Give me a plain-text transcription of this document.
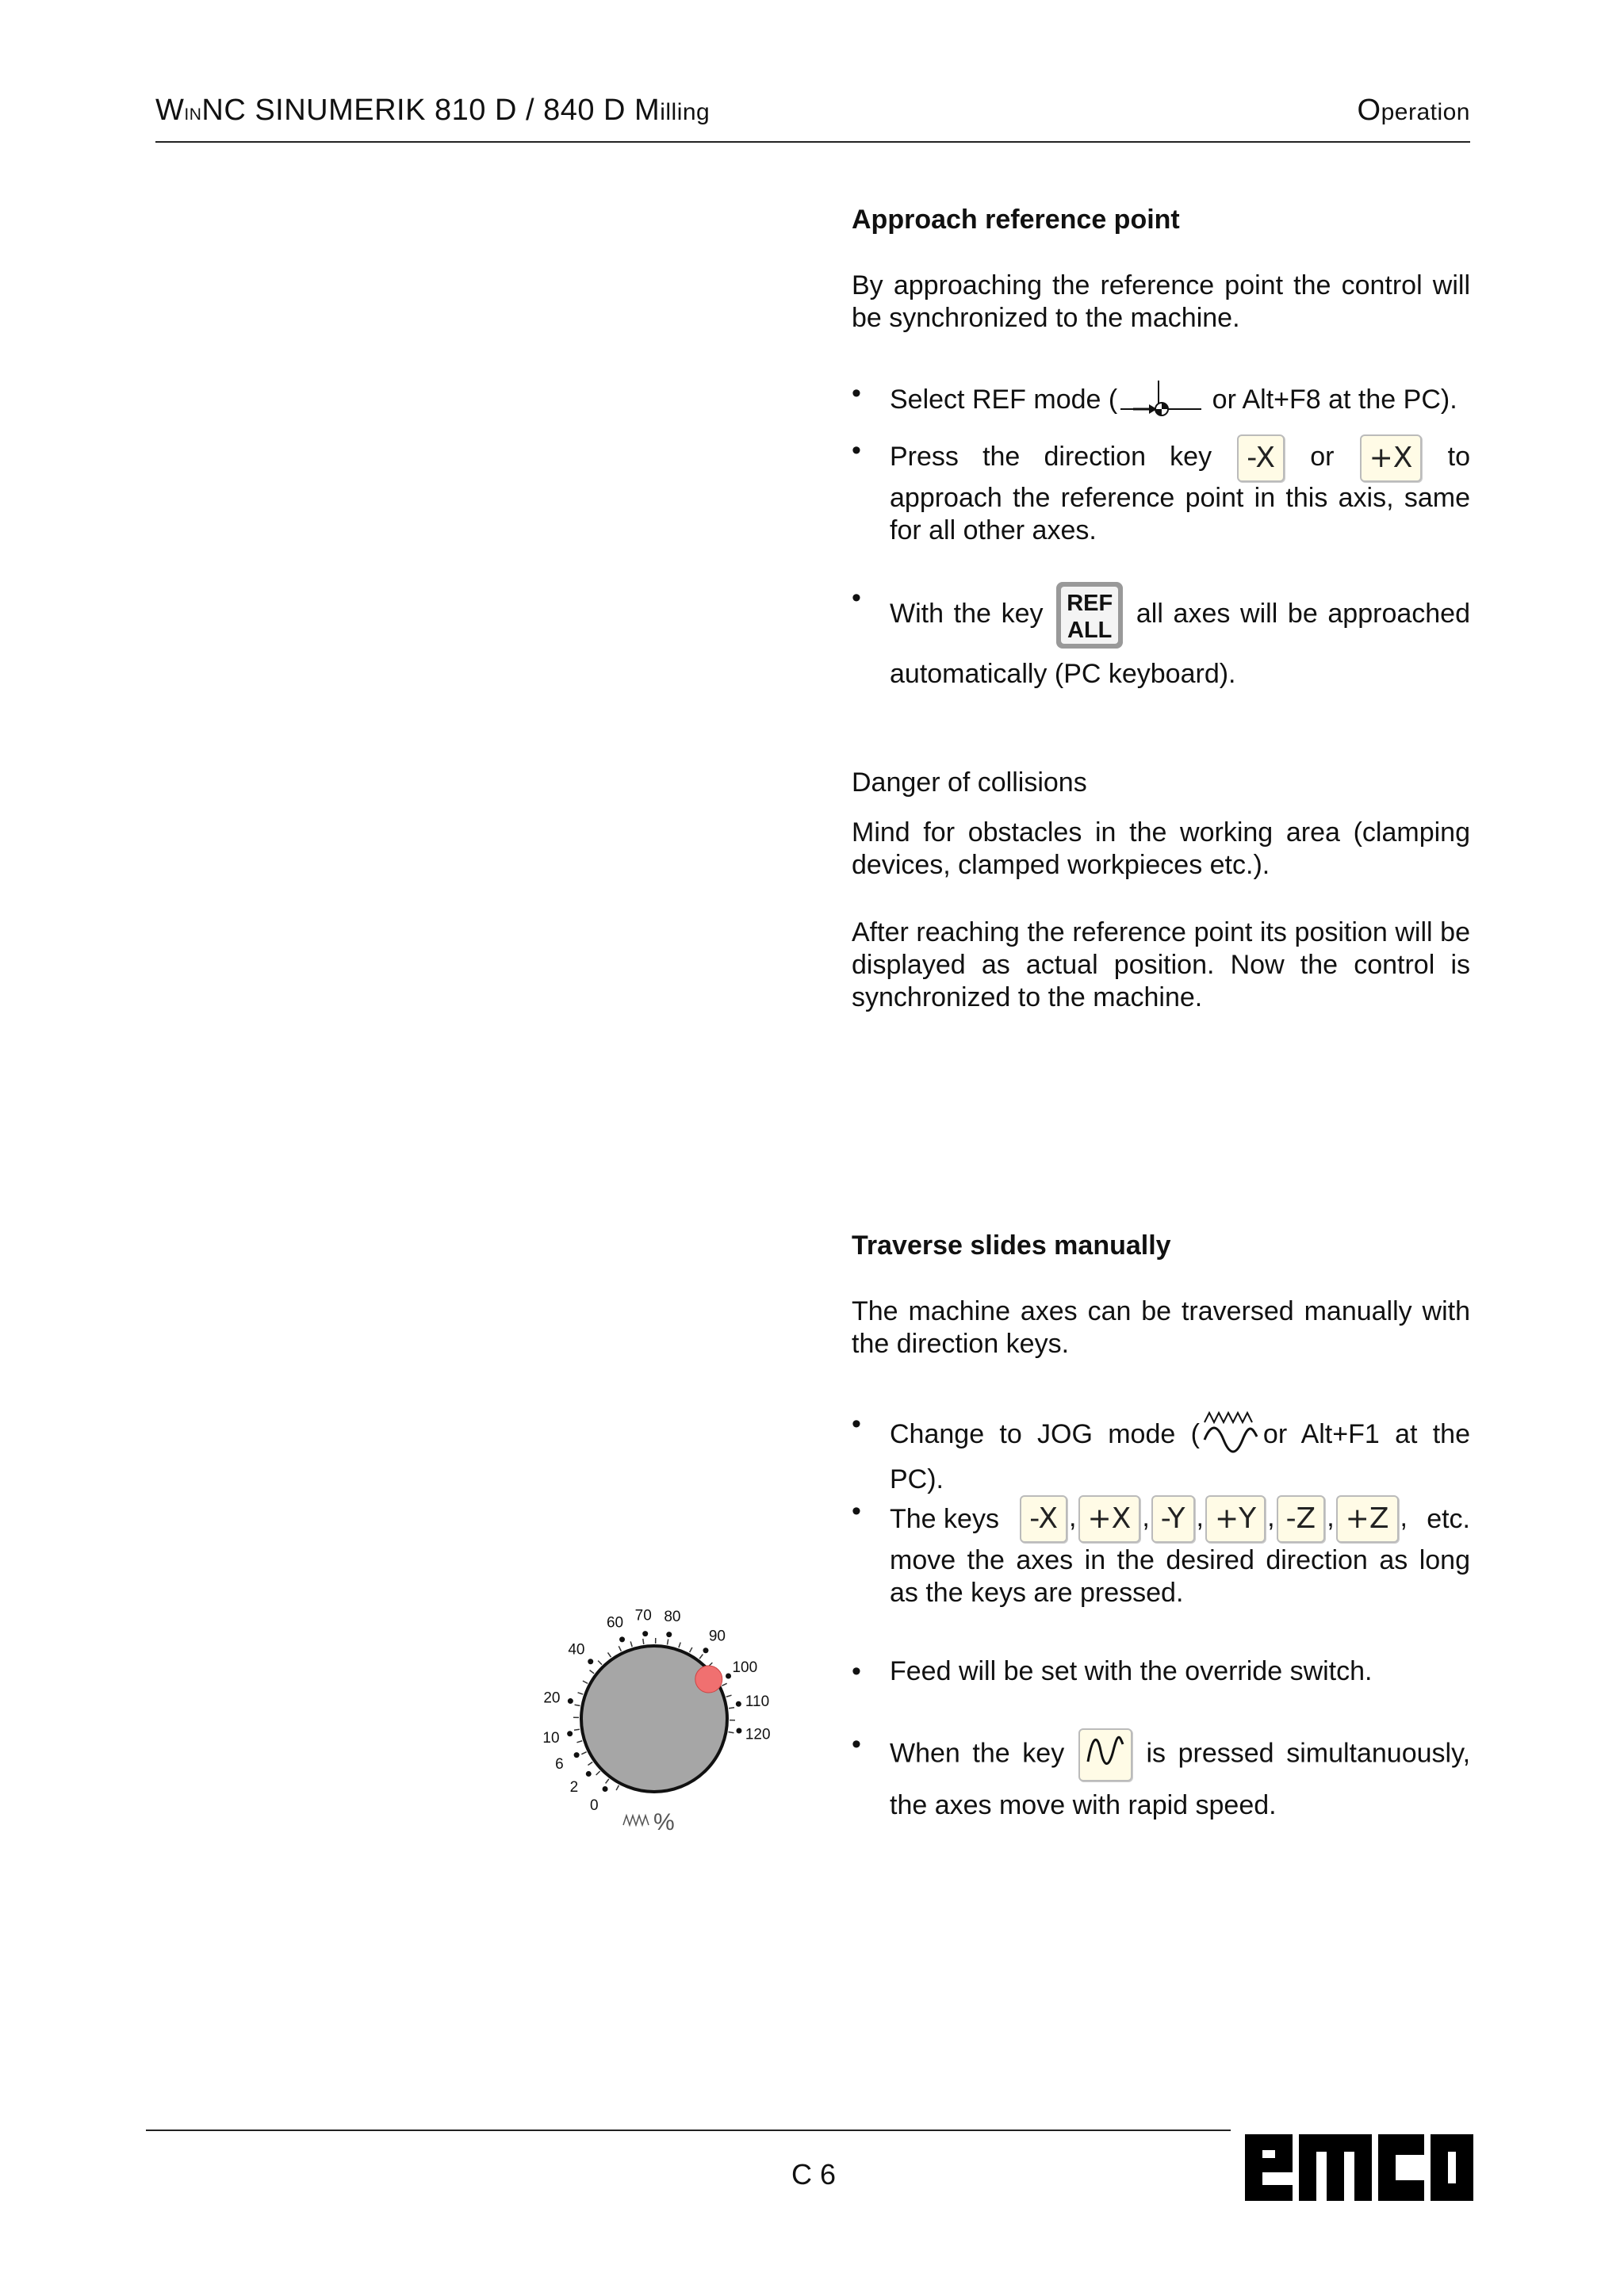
WinNC SINUMERIK 810 D / 840 D Milling	Operation
Approach reference point
By approaching the reference point the control will be synchronized to the machine.
• Select REF mode (	or Alt+F8 at the PC).
• Press the direction key -X or +X to approach the reference point in this axis, same for all other axes.
•
With the key REF
ALL
all axes will be approached automatically (PC keyboard).
Danger of collisions
Mind for obstacles in the working area (clamping devices, clamped workpieces etc.).
After reaching the reference point its position will be displayed as actual position. Now the control is synchronized to the machine.
Traverse slides manually
The machine axes can be traversed manually with the direction keys.
• Change to JOG mode ( or Alt+F1 at the PC).
• The keys	-X , +X , -Y , +Y , -Z , +Z , etc.
move the axes in the desired direction as long as the keys are pressed.
• Feed will be set with the override switch.
• When the key	is pressed simultanuously, the axes move with rapid speed.
0
2
6
10
20
40
60 70 80
90
100
110
120
%
C 6
